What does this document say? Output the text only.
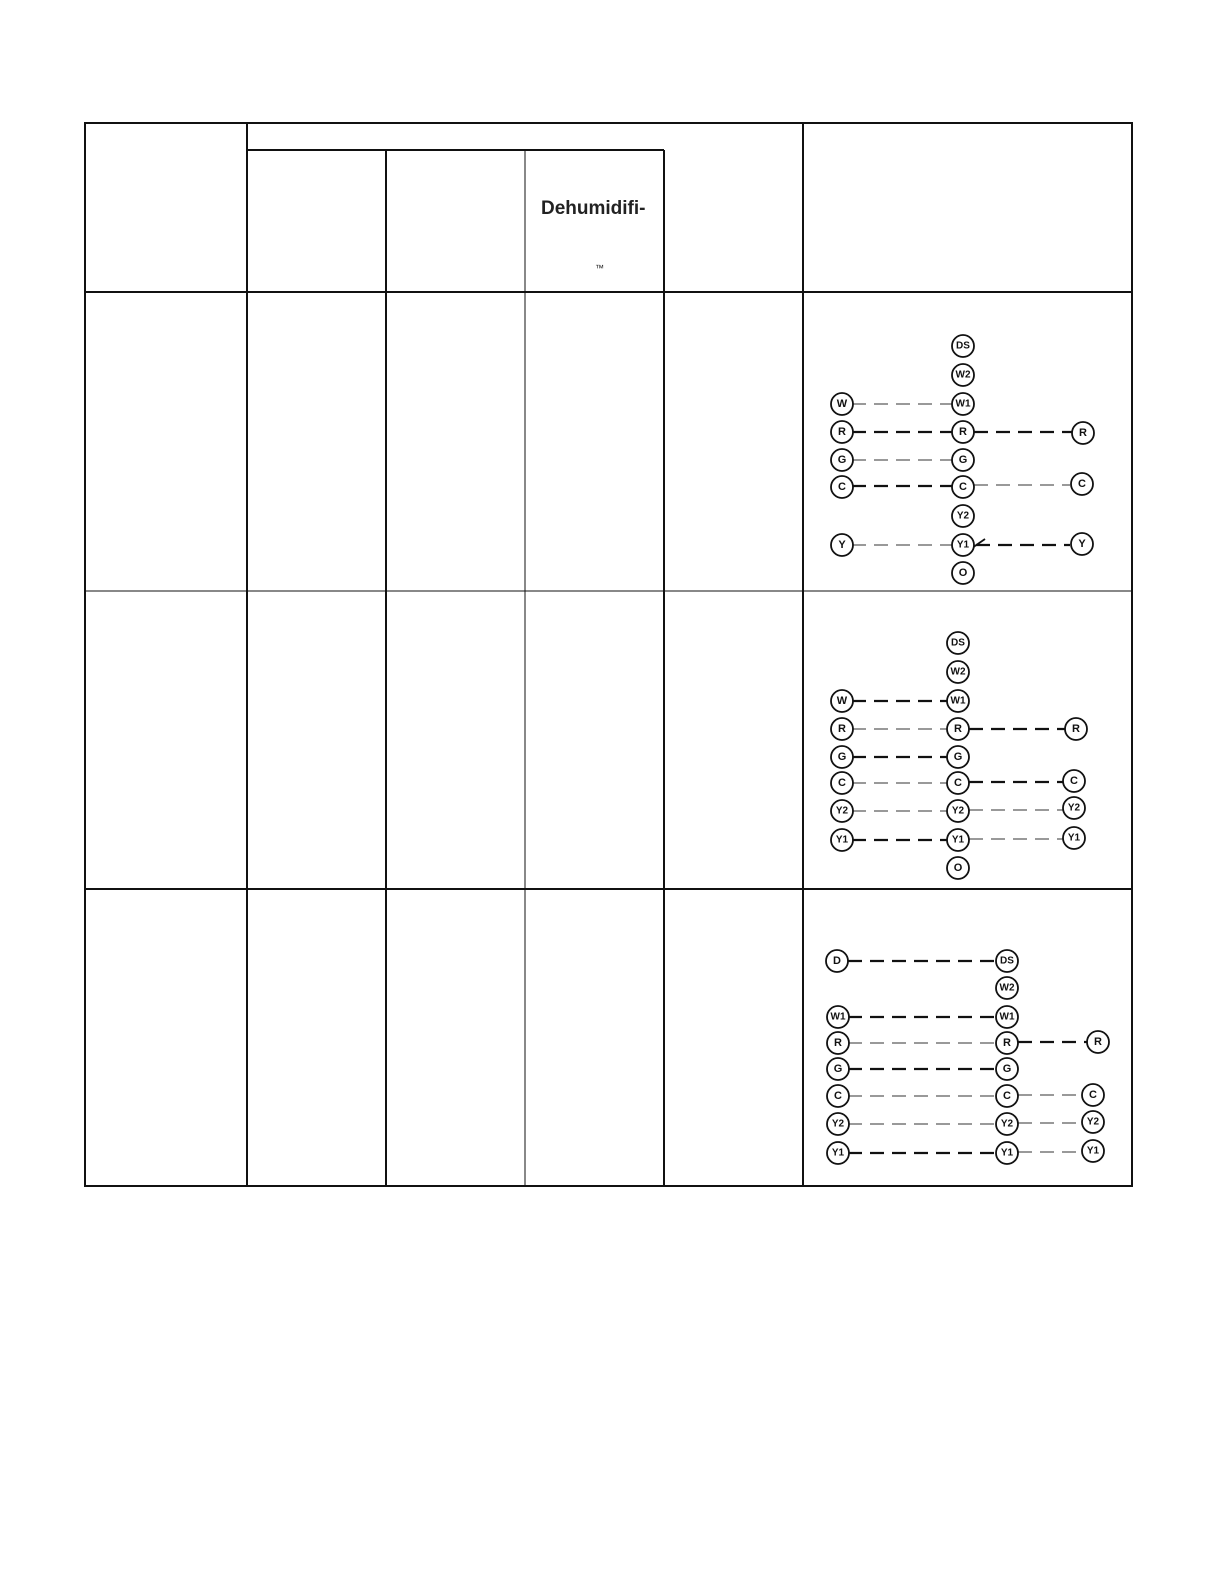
Dehumidifi-
™
DS
W2
W	W1
R	R	R
G	G
C	C	C
Y2
Y	Y1	Y
O
DS
W2
W	W1
R	R	R
G	G
C	C	C
Y2	Y2	Y2
Y1	Y1	Y1
O
D	DS
W2
W1	W1
R	R	R
G	G
C	C	C
Y2	Y2	Y2
Y1	Y1	Y1
